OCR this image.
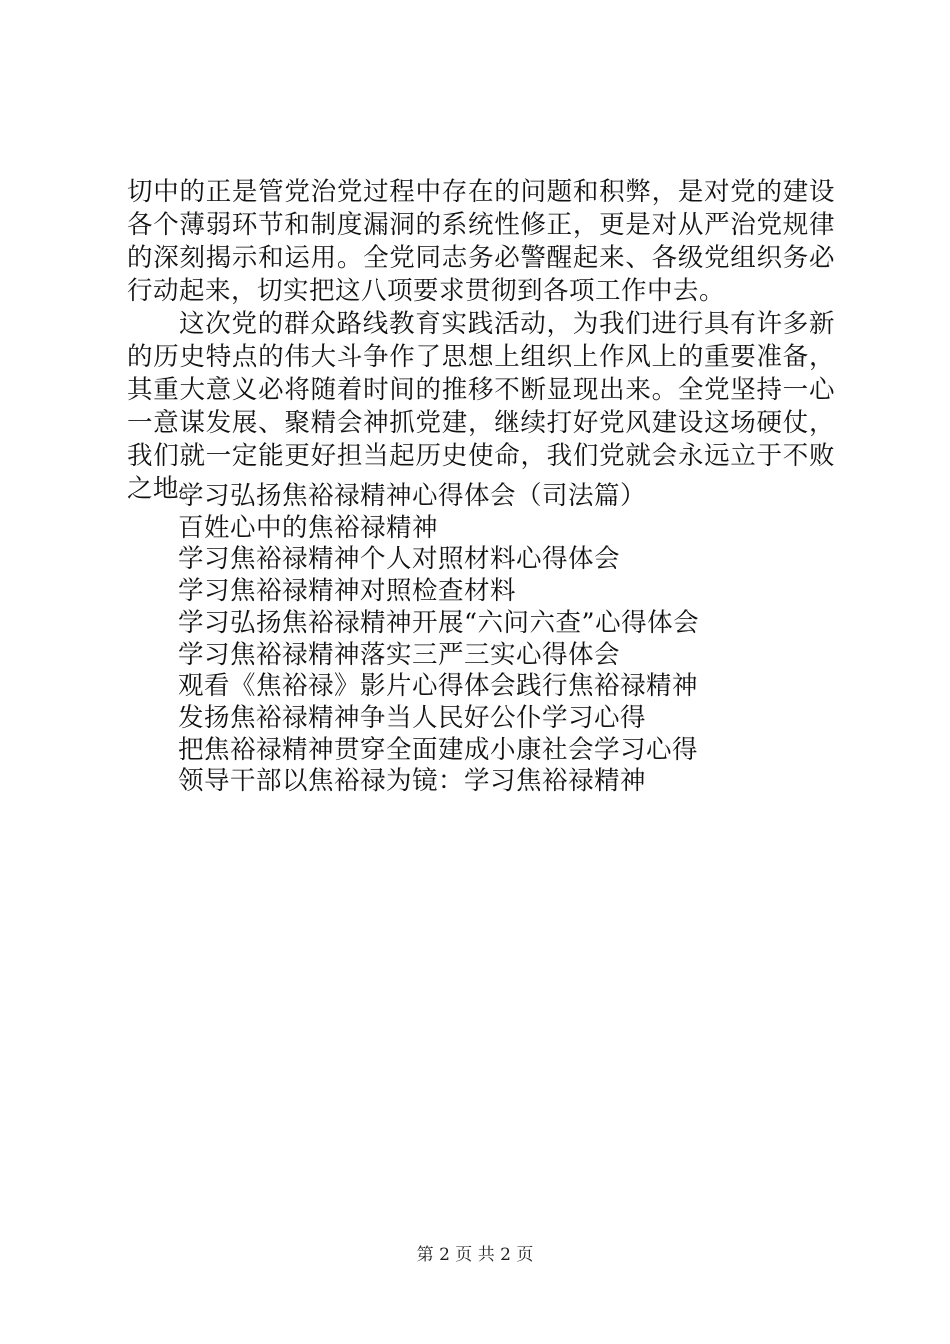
切中的正是管党治党过程中存在的问题和积弊，是对党的建设各个薄弱环节和制度漏洞的系统性修正，更是对从严治党规律的深刻揭示和运用。全党同志务必警醒起来、各级党组织务必行动起来，切实把这八项要求贯彻到各项工作中去。

这次党的群众路线教育实践活动，为我们进行具有许多新的历史特点的伟大斗争作了思想上组织上作风上的重要准备，其重大意义必将随着时间的推移不断显现出来。全党坚持一心一意谋发展、聚精会神抓党建，继续打好党风建设这场硬仗，我们就一定能更好担当起历史使命，我们党就会永远立于不败之地。

学习弘扬焦裕禄精神心得体会（司法篇）
百姓心中的焦裕禄精神
学习焦裕禄精神个人对照材料心得体会
学习焦裕禄精神对照检查材料
学习弘扬焦裕禄精神开展“六问六查”心得体会
学习焦裕禄精神落实三严三实心得体会
观看《焦裕禄》影片心得体会践行焦裕禄精神
发扬焦裕禄精神争当人民好公仆学习心得
把焦裕禄精神贯穿全面建成小康社会学习心得
领导干部以焦裕禄为镜：学习焦裕禄精神
第 2 页 共 2 页
